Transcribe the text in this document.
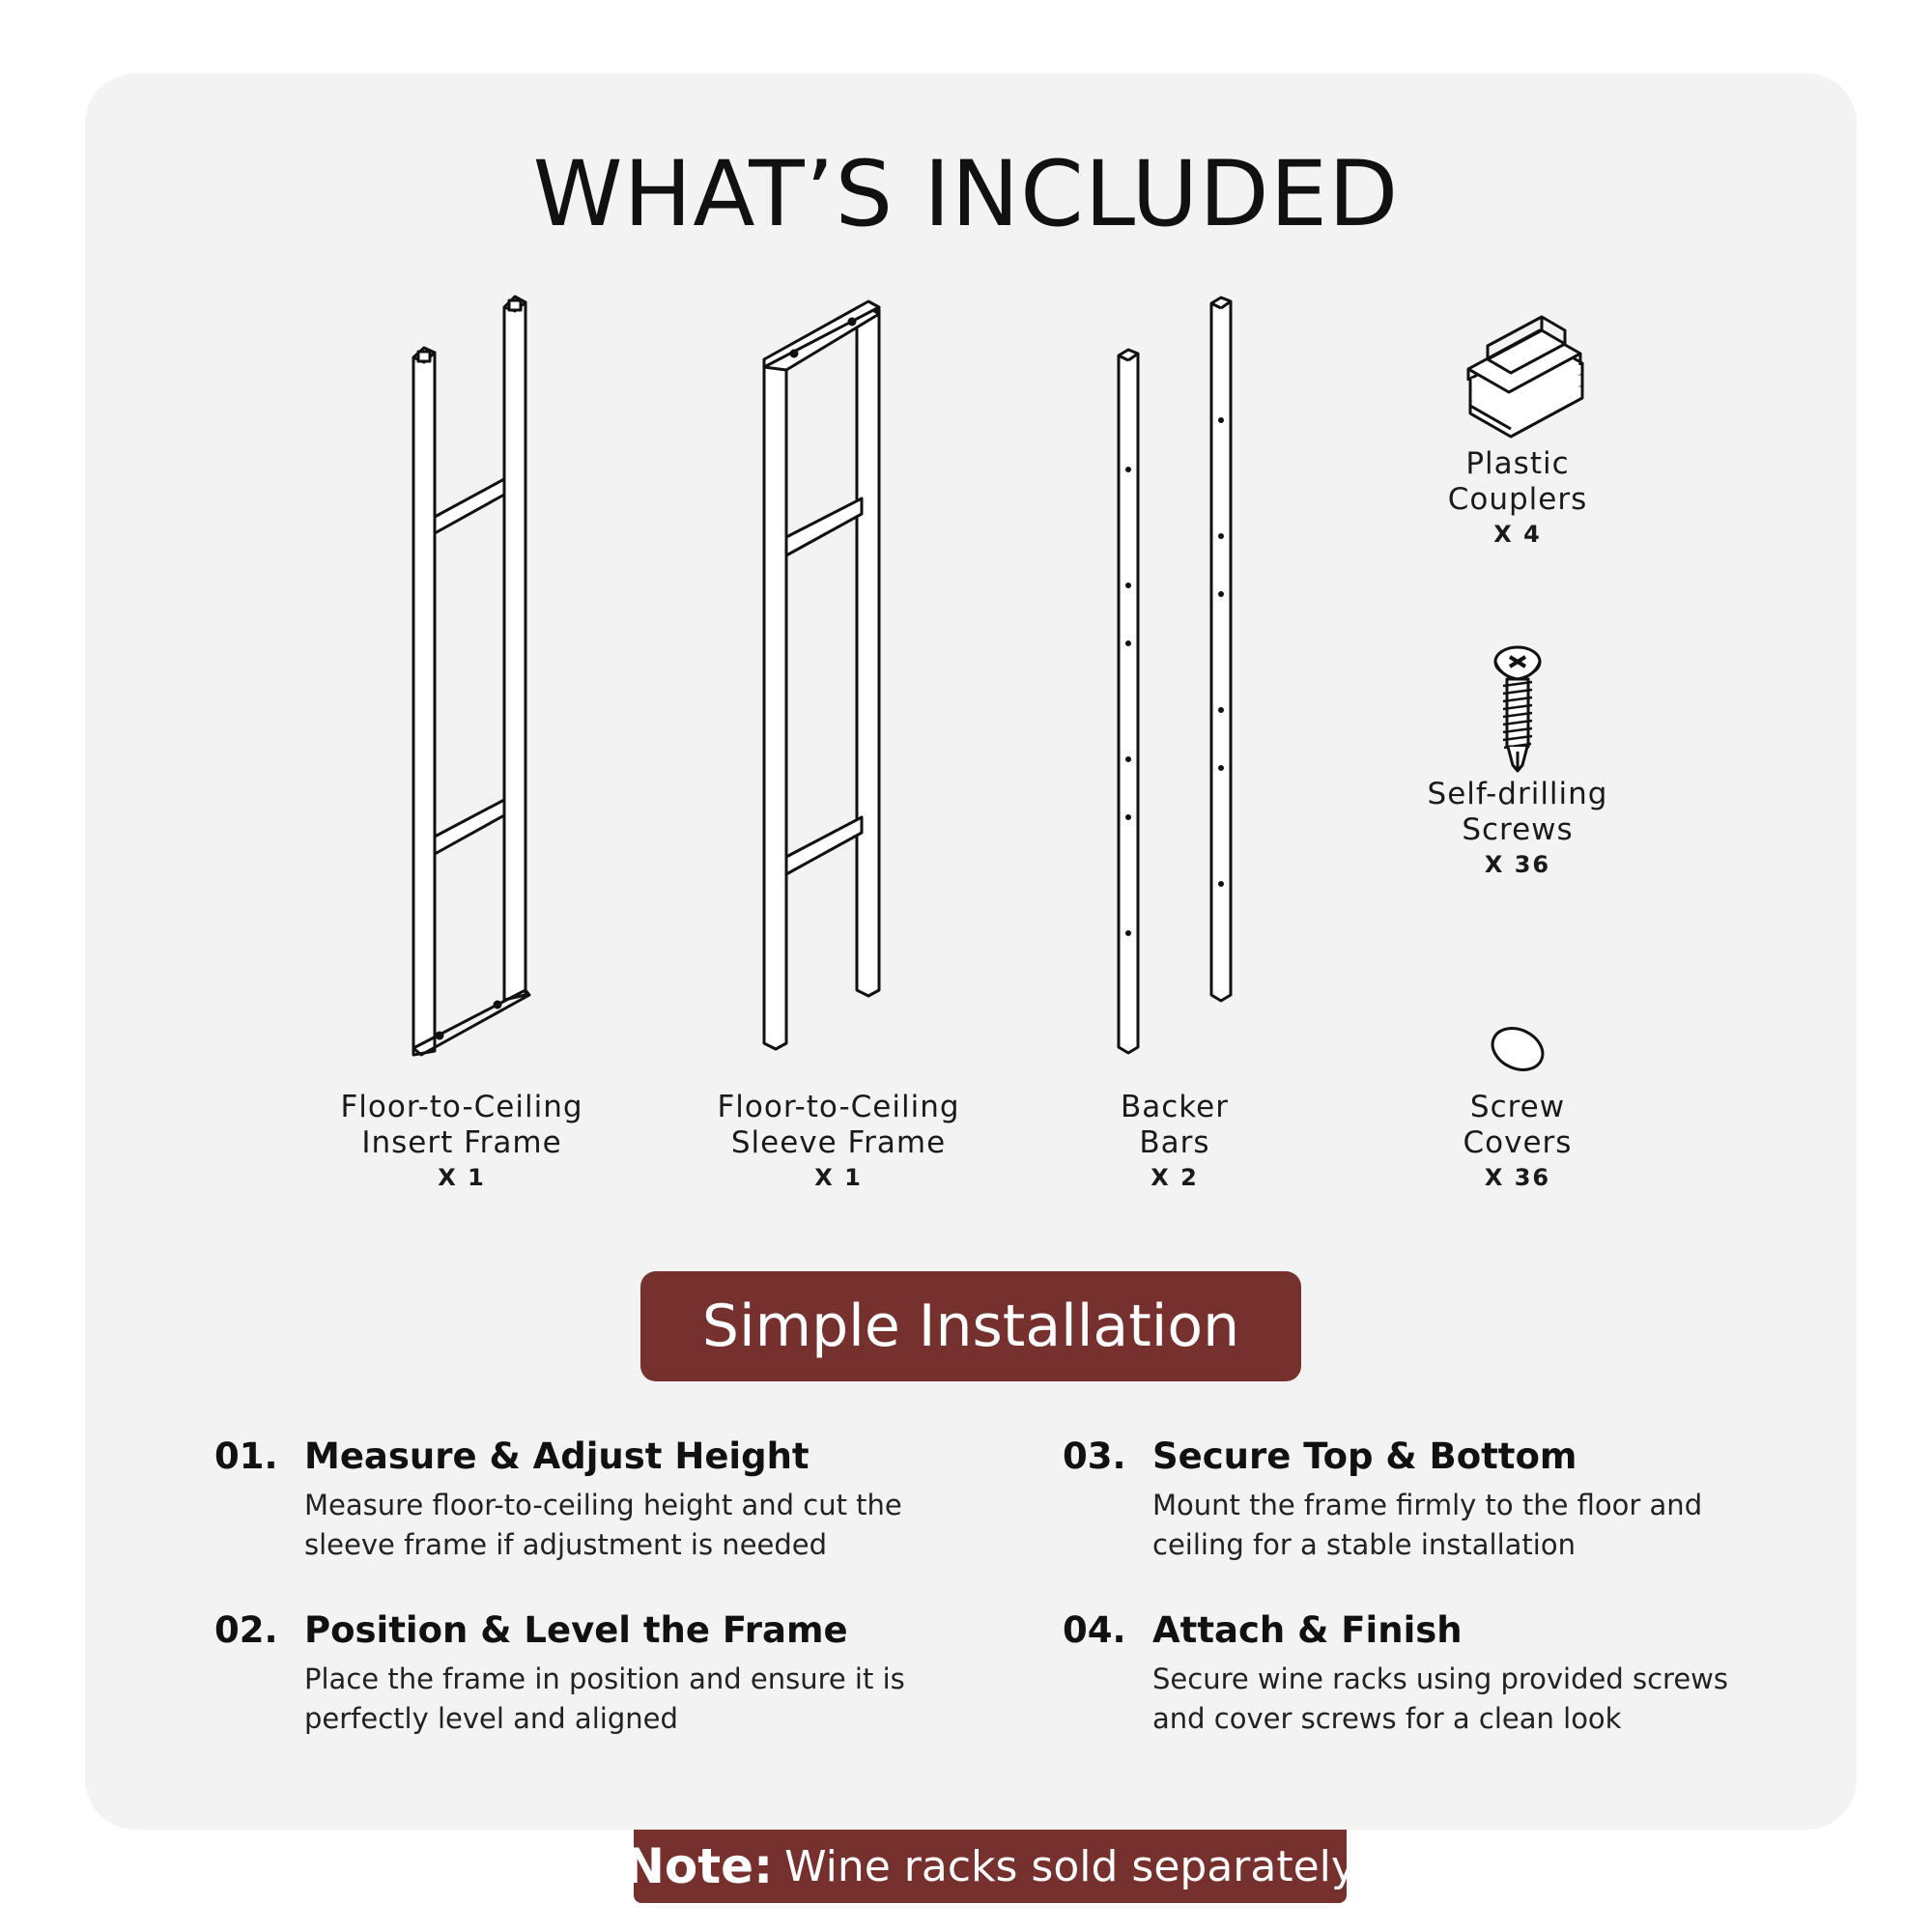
WHAT’S INCLUDED
Floor-to-Ceiling
Insert Frame
X 1
Floor-to-Ceiling
Sleeve Frame
X 1
Backer
Bars
X 2
Plastic
Couplers
X 4
Self-drilling
Screws
X 36
Screw
Covers
X 36
Simple Installation
01. Measure & Adjust Height
Measure floor-to-ceiling height and cut the sleeve frame if adjustment is needed
02. Position & Level the Frame
Place the frame in position and ensure it is perfectly level and aligned
03. Secure Top & Bottom
Mount the frame firmly to the floor and ceiling for a stable installation
04. Attach & Finish
Secure wine racks using provided screws and cover screws for a clean look
Note: Wine racks sold separately
